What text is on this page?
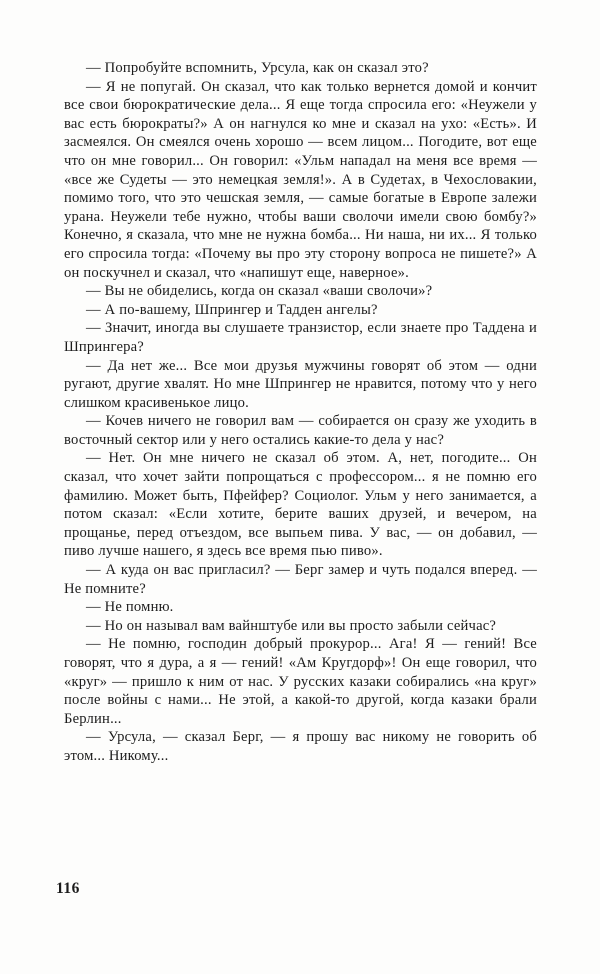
— Попробуйте вспомнить, Урсула, как он сказал это?

— Я не попугай. Он сказал, что как только вернется домой и кончит все свои бюрократические дела... Я еще тогда спросила его: «Неужели у вас есть бюрократы?» А он нагнулся ко мне и сказал на ухо: «Есть». И засмеялся. Он смеялся очень хорошо — всем лицом... Погодите, вот еще что он мне говорил... Он говорил: «Ульм нападал на меня все время — «все же Судеты — это немецкая земля!». А в Судетах, в Чехословакии, помимо того, что это чешская земля, — самые богатые в Европе залежи урана. Неужели тебе нужно, чтобы ваши сволочи имели свою бомбу?» Конечно, я сказала, что мне не нужна бомба... Ни наша, ни их... Я только его спросила тогда: «Почему вы про эту сторону вопроса не пишете?» А он поскучнел и сказал, что «напишут еще, наверное».

— Вы не обиделись, когда он сказал «ваши сволочи»?

— А по-вашему, Шпрингер и Тадден ангелы?

— Значит, иногда вы слушаете транзистор, если знаете про Таддена и Шпрингера?

— Да нет же... Все мои друзья мужчины говорят об этом — одни ругают, другие хвалят. Но мне Шпрингер не нравится, потому что у него слишком красивенькое лицо.

— Кочев ничего не говорил вам — собирается он сразу же уходить в восточный сектор или у него остались какие-то дела у нас?

— Нет. Он мне ничего не сказал об этом. А, нет, погодите... Он сказал, что хочет зайти попрощаться с профессором... я не помню его фамилию. Может быть, Пфейфер? Социолог. Ульм у него занимается, а потом сказал: «Если хотите, берите ваших друзей, и вечером, на прощанье, перед отъездом, все выпьем пива. У вас, — он добавил, — пиво лучше нашего, я здесь все время пью пиво».

— А куда он вас пригласил? — Берг замер и чуть подался вперед. — Не помните?

— Не помню.

— Но он называл вам вайнштубе или вы просто забыли сейчас?

— Не помню, господин добрый прокурор... Ага! Я — гений! Все говорят, что я дура, а я — гений! «Ам Кругдорф»! Он еще говорил, что «круг» — пришло к ним от нас. У русских казаки собирались «на круг» после войны с нами... Не этой, а какой-то другой, когда казаки брали Берлин...

— Урсула, — сказал Берг, — я прошу вас никому не говорить об этом... Никому...

116
